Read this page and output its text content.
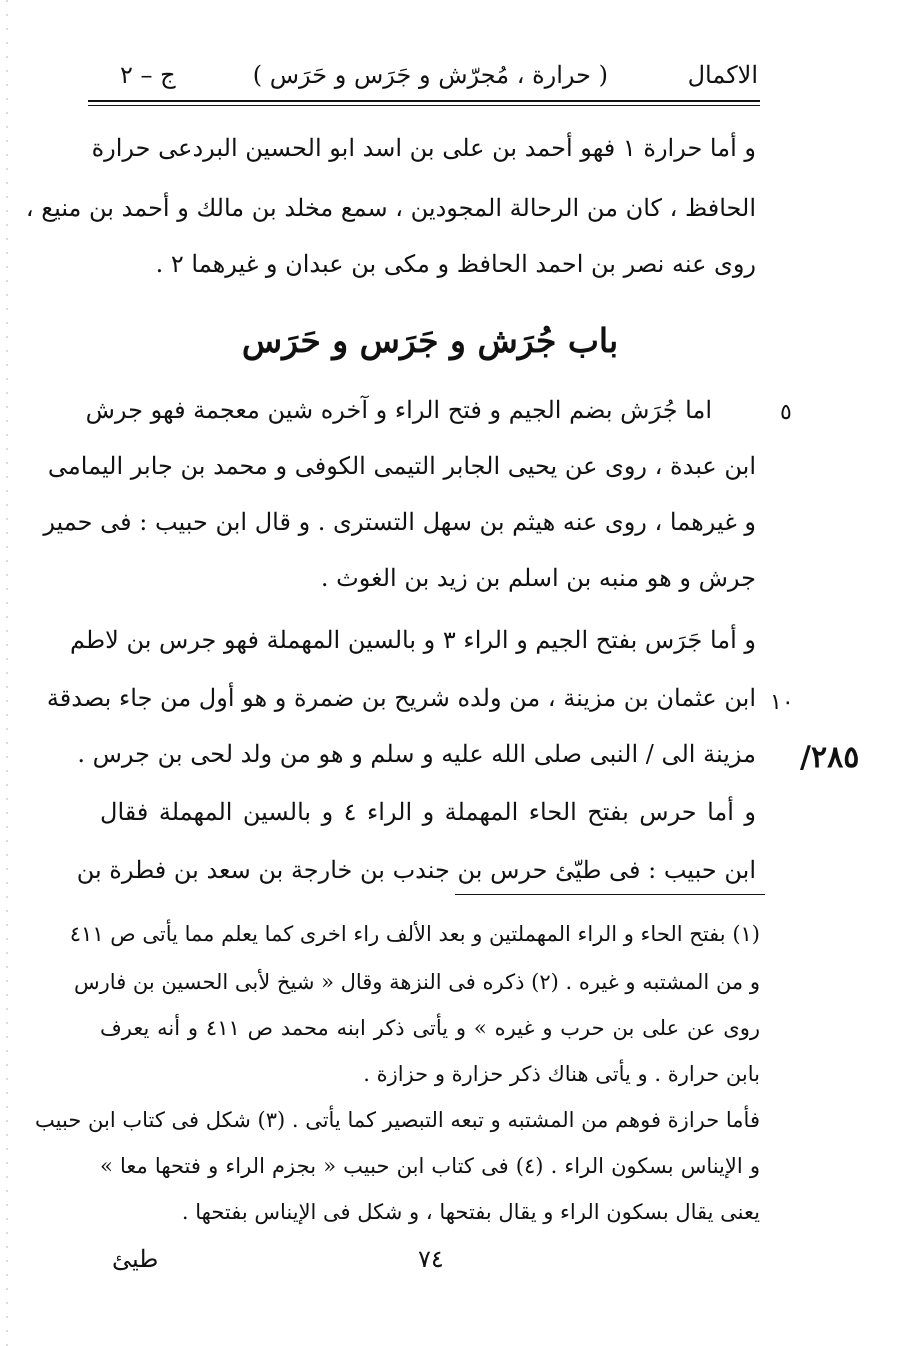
ج – ٢	( حرارة ، مُجرّش و جَرَس و حَرَس )	الاكمال
و أما حرارة ١ فهو أحمد بن على بن اسد ابو الحسين البردعى حرارة
الحافظ ، كان من الرحالة المجودين ، سمع مخلد بن مالك و أحمد بن منيع ،
روى عنه نصر بن احمد الحافظ و مكى بن عبدان و غيرهما ٢ .
باب جُرَش و جَرَس و حَرَس
٥
اما جُرَش بضم الجيم و فتح الراء و آخره شين معجمة فهو جرش
ابن عبدة ، روى عن يحيى الجابر التيمى الكوفى و محمد بن جابر اليمامى
و غيرهما ، روى عنه هيثم بن سهل التسترى . و قال ابن حبيب : فى حمير
جرش و هو منبه بن اسلم بن زيد بن الغوث .
و أما جَرَس بفتح الجيم و الراء ٣ و بالسين المهملة فهو جرس بن لاطم
١٠
ابن عثمان بن مزينة ، من ولده شريح بن ضمرة و هو أول من جاء بصدقة
مزينة الى / النبى صلى الله عليه و سلم و هو من ولد لحى بن جرس . /٢٨٥
و أما حرس بفتح الحاء المهملة و الراء ٤ و بالسين المهملة فقال
ابن حبيب : فى طيّئ حرس بن جندب بن خارجة بن سعد بن فطرة بن
(١) بفتح الحاء و الراء المهملتين و بعد الألف راء اخرى كما يعلم مما يأتى ص ٤١١
و من المشتبه و غيره . (٢) ذكره فى النزهة وقال « شيخ لأبى الحسين بن فارس
روى عن على بن حرب و غيره » و يأتى ذكر ابنه محمد ص ٤١١ و أنه يعرف
بابن حرارة . و يأتى هناك ذكر حزارة و حزازة .
فأما حرازة فوهم من المشتبه و تبعه التبصير كما يأتى . (٣) شكل فى كتاب ابن حبيب
و الإيناس بسكون الراء . (٤) فى كتاب ابن حبيب « بجزم الراء و فتحها معا »
يعنى يقال بسكون الراء و يقال بفتحها ، و شكل فى الإيناس بفتحها .
طيئ	٧٤
